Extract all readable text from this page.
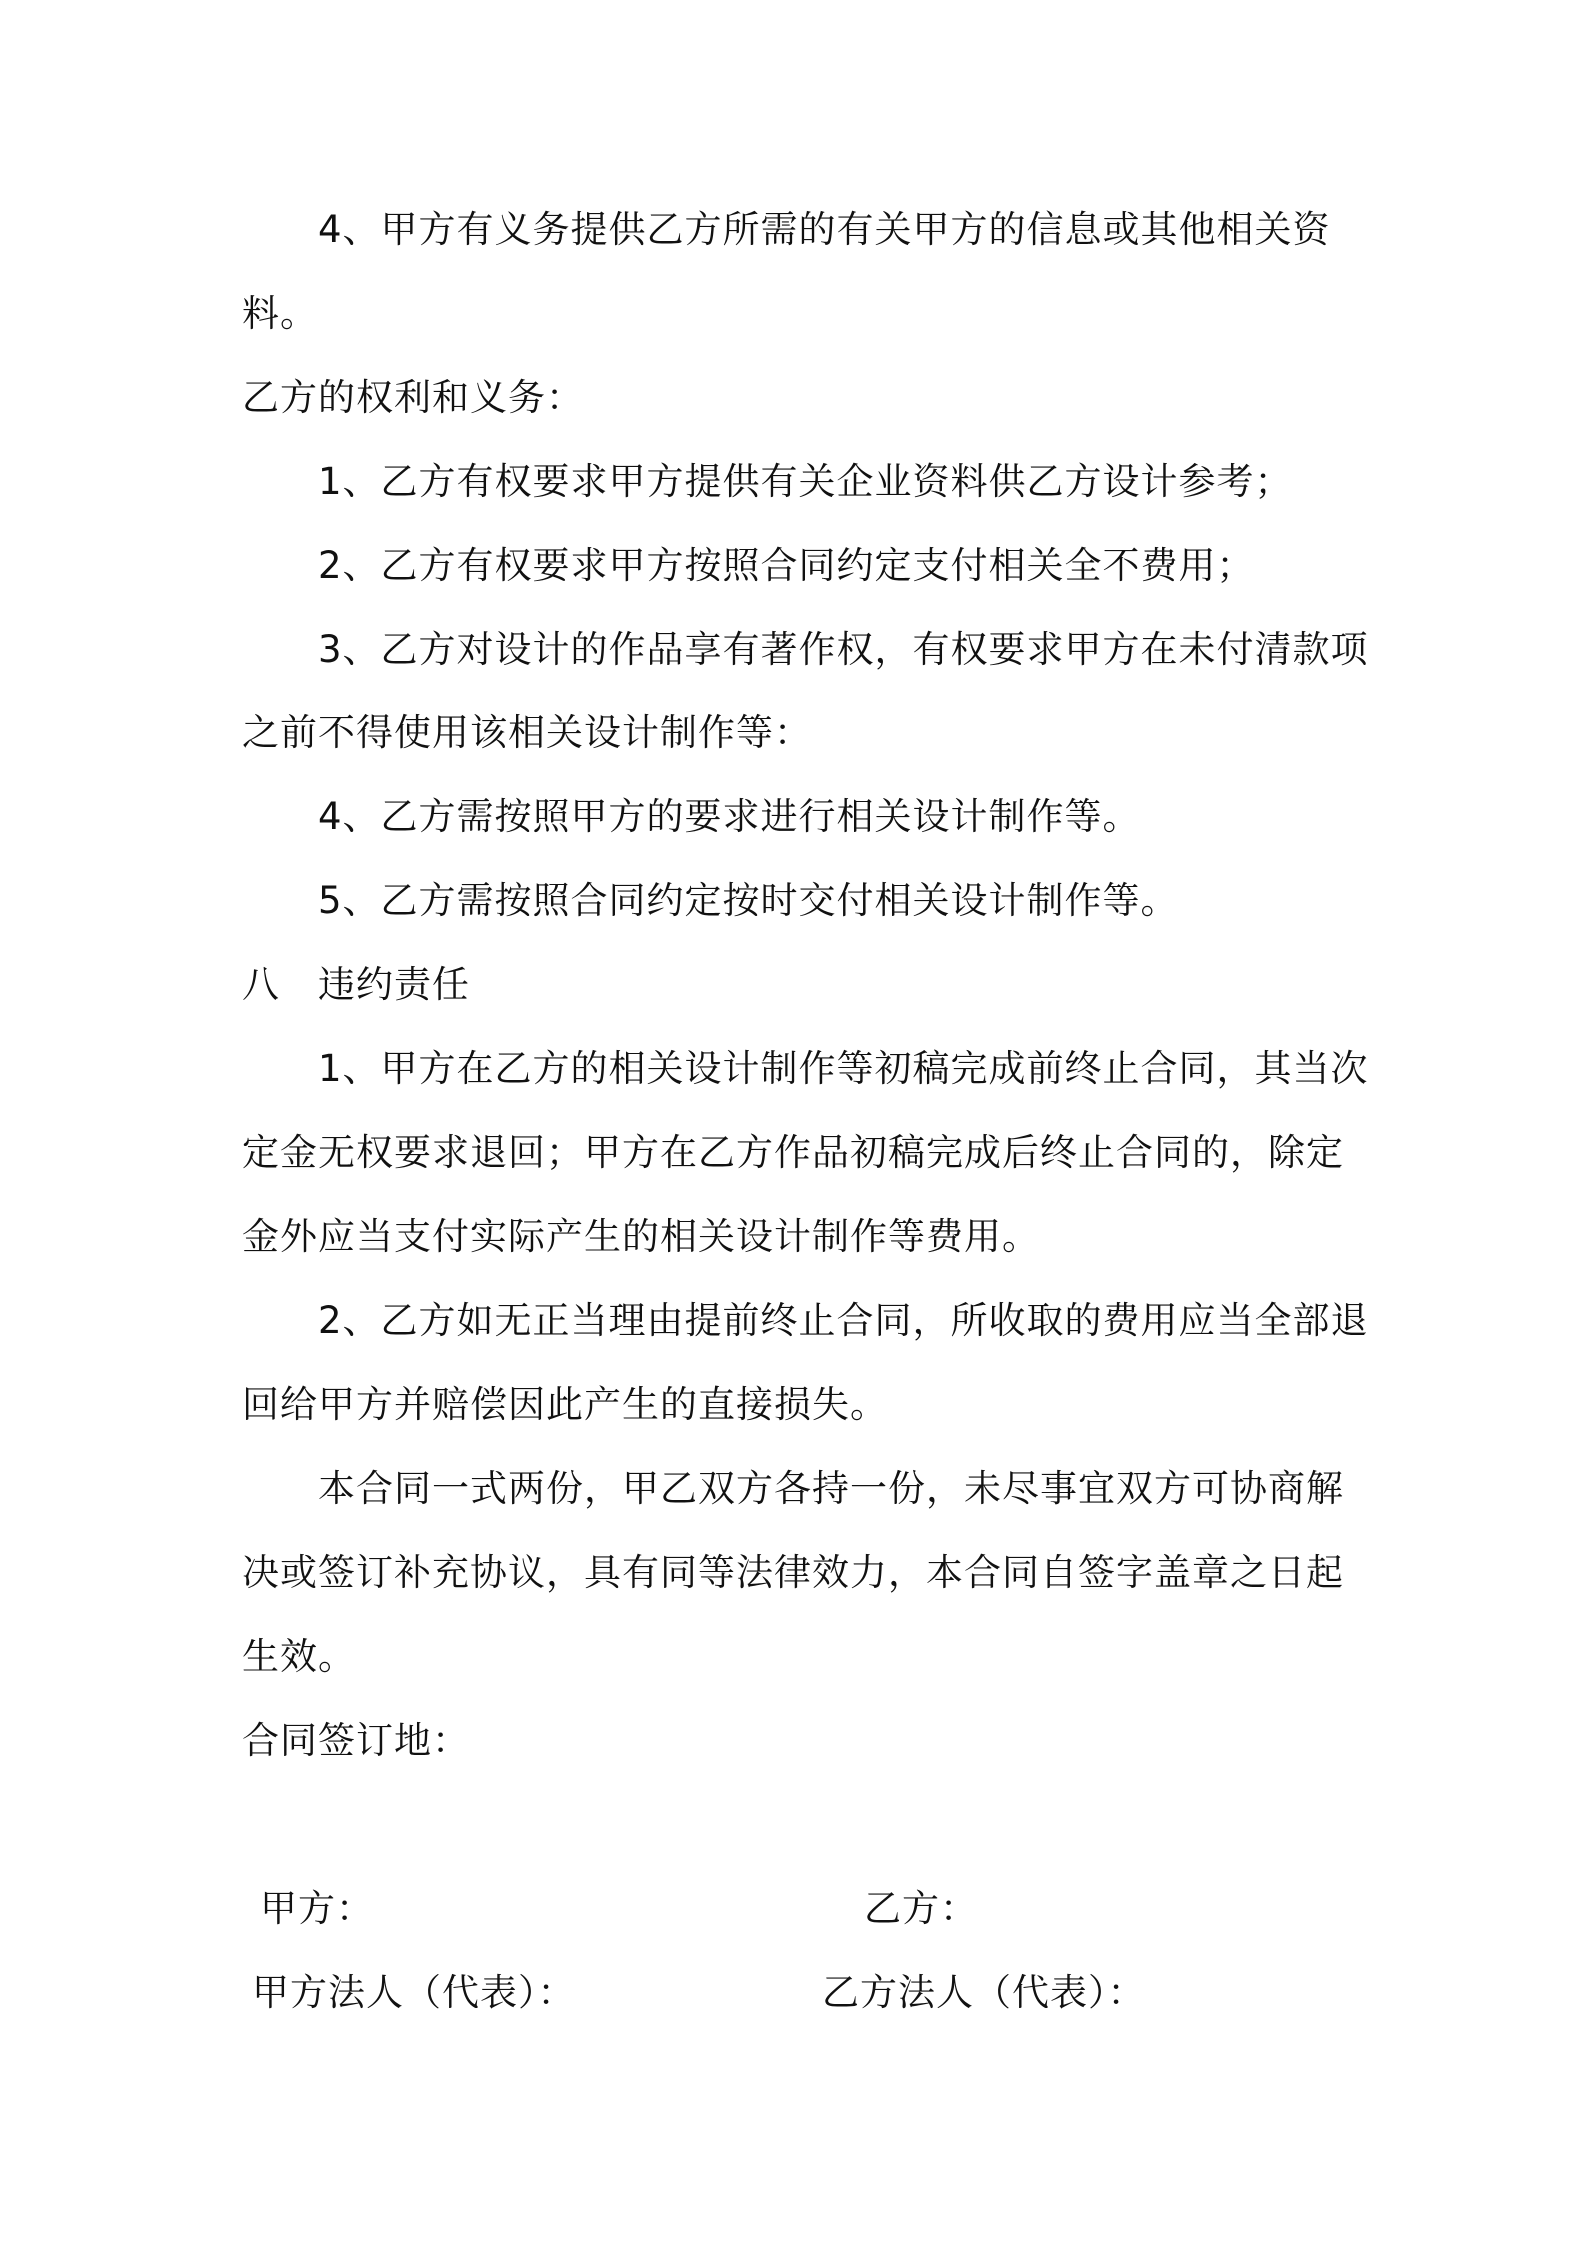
4、甲方有义务提供乙方所需的有关甲方的信息或其他相关资
料。
乙方的权利和义务：
1、乙方有权要求甲方提供有关企业资料供乙方设计参考；
2、乙方有权要求甲方按照合同约定支付相关全不费用；
3、乙方对设计的作品享有著作权，有权要求甲方在未付清款项
之前不得使用该相关设计制作等：
4、乙方需按照甲方的要求进行相关设计制作等。
5、乙方需按照合同约定按时交付相关设计制作等。
八　违约责任
1、甲方在乙方的相关设计制作等初稿完成前终止合同，其当次
定金无权要求退回；甲方在乙方作品初稿完成后终止合同的，除定
金外应当支付实际产生的相关设计制作等费用。
2、乙方如无正当理由提前终止合同，所收取的费用应当全部退
回给甲方并赔偿因此产生的直接损失。
本合同一式两份，甲乙双方各持一份，未尽事宜双方可协商解
决或签订补充协议，具有同等法律效力，本合同自签字盖章之日起
生效。
合同签订地：
甲方：	乙方：
甲方法人（代表）：	乙方法人（代表）：
